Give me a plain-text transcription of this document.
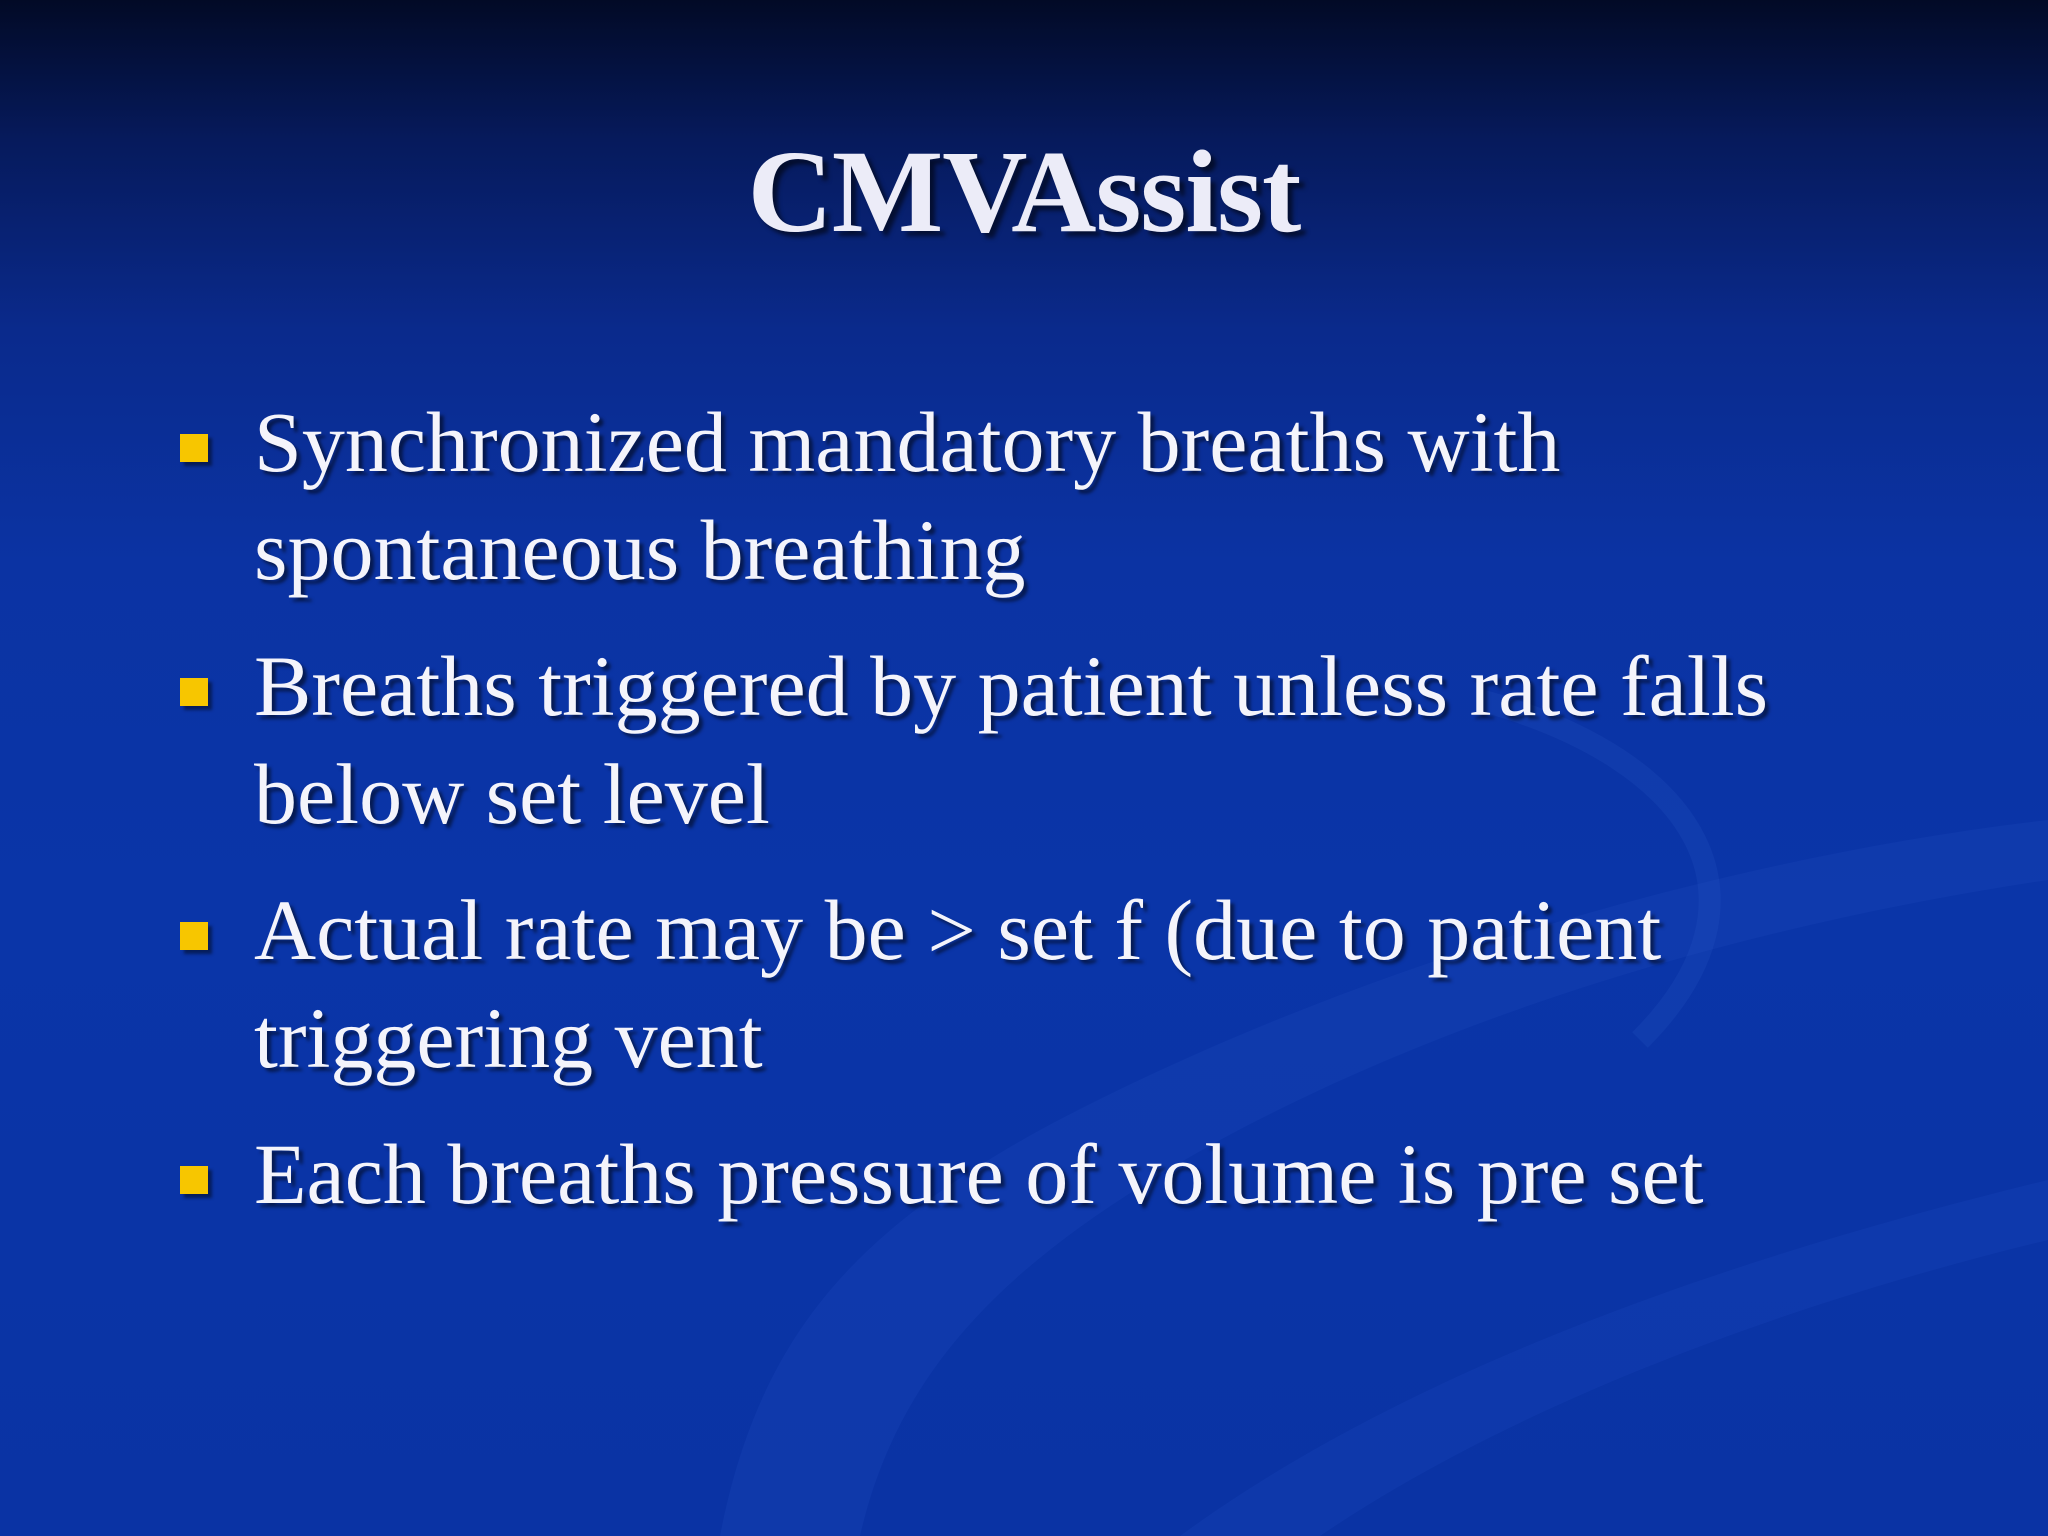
CMVAssist
Synchronized mandatory breaths with spontaneous breathing
Breaths triggered by patient unless rate falls below set level
Actual rate may be > set f (due to patient triggering vent
Each breaths pressure of volume is pre set
